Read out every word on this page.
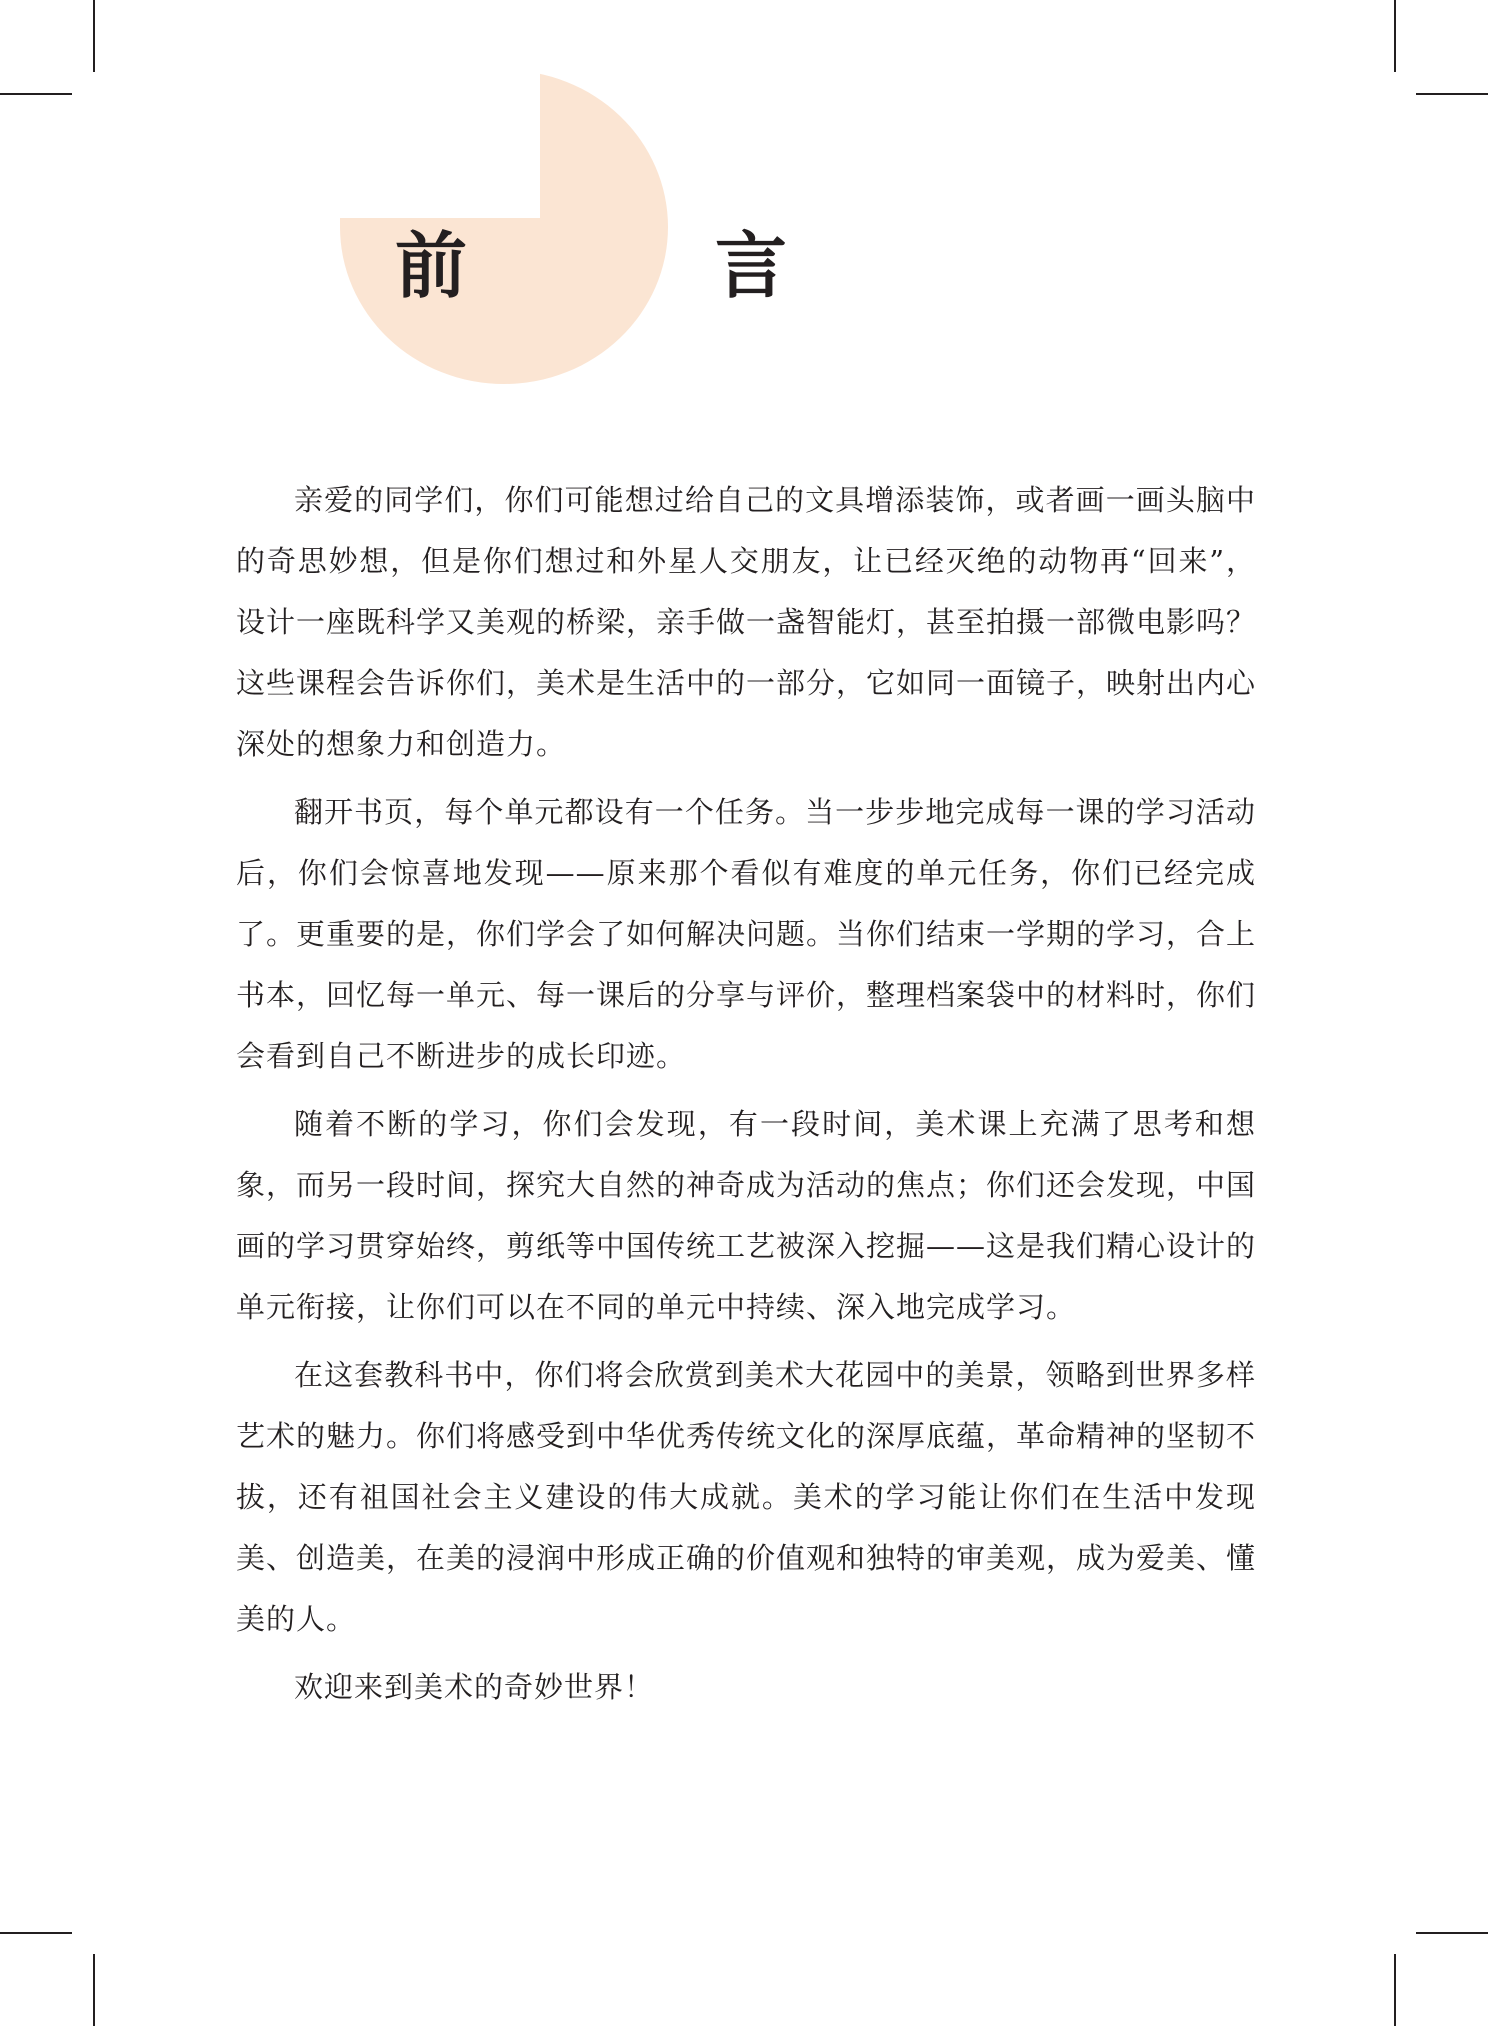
前　言

亲爱的同学们，你们可能想过给自己的文具增添装饰，或者画一画头脑中的奇思妙想，但是你们想过和外星人交朋友，让已经灭绝的动物再“回来”，设计一座既科学又美观的桥梁，亲手做一盏智能灯，甚至拍摄一部微电影吗？这些课程会告诉你们，美术是生活中的一部分，它如同一面镜子，映射出内心深处的想象力和创造力。

翻开书页，每个单元都设有一个任务。当一步步地完成每一课的学习活动后，你们会惊喜地发现——原来那个看似有难度的单元任务，你们已经完成了。更重要的是，你们学会了如何解决问题。当你们结束一学期的学习，合上书本，回忆每一单元、每一课后的分享与评价，整理档案袋中的材料时，你们会看到自己不断进步的成长印迹。

随着不断的学习，你们会发现，有一段时间，美术课上充满了思考和想象，而另一段时间，探究大自然的神奇成为活动的焦点；你们还会发现，中国画的学习贯穿始终，剪纸等中国传统工艺被深入挖掘——这是我们精心设计的单元衔接，让你们可以在不同的单元中持续、深入地完成学习。

在这套教科书中，你们将会欣赏到美术大花园中的美景，领略到世界多样艺术的魅力。你们将感受到中华优秀传统文化的深厚底蕴，革命精神的坚韧不拔，还有祖国社会主义建设的伟大成就。美术的学习能让你们在生活中发现美、创造美，在美的浸润中形成正确的价值观和独特的审美观，成为爱美、懂美的人。

欢迎来到美术的奇妙世界！
